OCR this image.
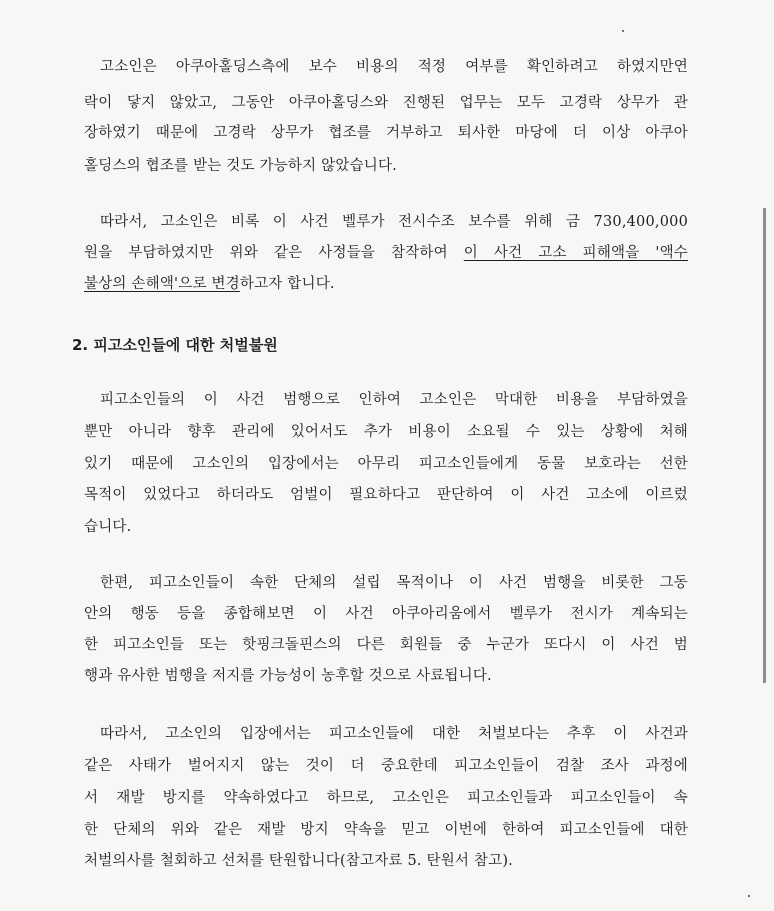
고소인은 아쿠아홀딩스측에 보수 비용의 적정 여부를 확인하려고 하였지만연
락이 닿지 않았고, 그동안 아쿠아홀딩스와 진행된 업무는 모두 고경락 상무가 관
장하였기 때문에 고경락 상무가 협조를 거부하고 퇴사한 마당에 더 이상 아쿠아
홀딩스의 협조를 받는 것도 가능하지 않았습니다.
따라서, 고소인은 비록 이 사건 벨루가 전시수조 보수를 위해 금 730,400,000
원을 부담하였지만 위와 같은 사정들을 참작하여 이 사건 고소 피해액을 '액수
불상의 손해액'으로 변경하고자 합니다.
2. 피고소인들에 대한 처벌불원
피고소인들의 이 사건 범행으로 인하여 고소인은 막대한 비용을 부담하였을
뿐만 아니라 향후 관리에 있어서도 추가 비용이 소요될 수 있는 상황에 처해
있기 때문에 고소인의 입장에서는 아무리 피고소인들에게 동물 보호라는 선한
목적이 있었다고 하더라도 엄벌이 필요하다고 판단하여 이 사건 고소에 이르렀
습니다.
한편, 피고소인들이 속한 단체의 설립 목적이나 이 사건 범행을 비롯한 그동
안의 행동 등을 종합해보면 이 사건 아쿠아리움에서 벨루가 전시가 계속되는
한 피고소인들 또는 핫핑크돌핀스의 다른 회원들 중 누군가 또다시 이 사건 범
행과 유사한 범행을 저지를 가능성이 농후할 것으로 사료됩니다.
따라서, 고소인의 입장에서는 피고소인들에 대한 처벌보다는 추후 이 사건과
같은 사태가 벌어지지 않는 것이 더 중요한데 피고소인들이 검찰 조사 과정에
서 재발 방지를 약속하였다고 하므로, 고소인은 피고소인들과 피고소인들이 속
한 단체의 위와 같은 재발 방지 약속을 믿고 이번에 한하여 피고소인들에 대한
처벌의사를 철회하고 선처를 탄원합니다(참고자료 5. 탄원서 참고).
